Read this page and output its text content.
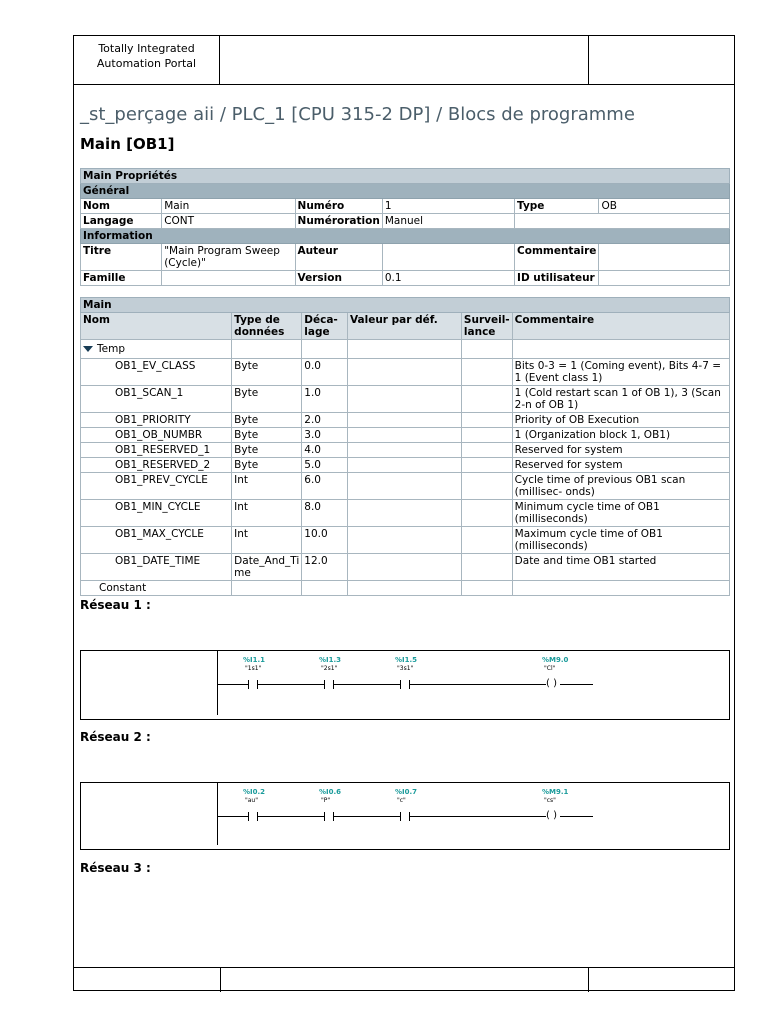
Totally Integrated
Automation Portal
_st_perçage aii / PLC_1 [CPU 315-2 DP] / Blocs de programme
Main [OB1]
Main Propriétés					
Général					
Nom	Main	Numéro	1	Type	OB
Langage	CONT	Numéroration	Manuel		
Information					
Titre	"Main Program Sweep (Cycle)"	Auteur		Commentaire	
Famille		Version	0.1	ID utilisateur	
Main					
Nom	Type de données	Déca- lage	Valeur par déf.	Surveil- lance	Commentaire
Temp					
OB1_EV_CLASS	Byte	0.0			Bits 0-3 = 1 (Coming event), Bits 4-7 = 1 (Event class 1)
OB1_SCAN_1	Byte	1.0			1 (Cold restart scan 1 of OB 1), 3 (Scan 2-n of OB 1)
OB1_PRIORITY	Byte	2.0			Priority of OB Execution
OB1_OB_NUMBR	Byte	3.0			1 (Organization block 1, OB1)
OB1_RESERVED_1	Byte	4.0			Reserved for system
OB1_RESERVED_2	Byte	5.0			Reserved for system
OB1_PREV_CYCLE	Int	6.0			Cycle time of previous OB1 scan (millisec- onds)
OB1_MIN_CYCLE	Int	8.0			Minimum cycle time of OB1 (milliseconds)
OB1_MAX_CYCLE	Int	10.0			Maximum cycle time of OB1 (milliseconds)
OB1_DATE_TIME	Date_And_Ti me	12.0			Date and time OB1 started
Constant					
Réseau 1 :
%I1.1
"1s1"
%I1.3
"2s1"
%I1.5
"3s1"
%M9.0
"Cl"
( )
Réseau 2 :
%I0.2
"au"
%I0.6
"P"
%I0.7
"c"
%M9.1
"cs"
( )
Réseau 3 :
